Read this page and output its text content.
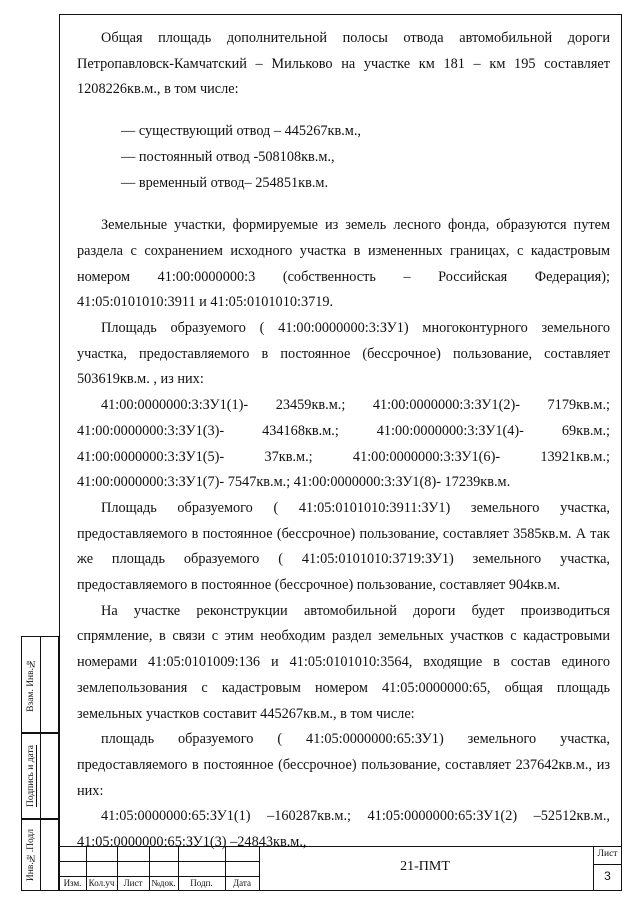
Общая площадь дополнительной полосы отвода автомобильной дороги Петропавловск-Камчатский – Мильково на участке км 181 – км 195 составляет 1208226кв.м., в том числе:

— существующий отвод – 445267кв.м.,
— постоянный отвод -508108кв.м.,
— временный отвод– 254851кв.м.

Земельные участки, формируемые из земель лесного фонда, образуются путем раздела с сохранением исходного участка в измененных границах, с кадастровым номером 41:00:0000000:3 (собственность – Российская Федерация); 41:05:0101010:3911 и 41:05:0101010:3719.

Площадь образуемого ( 41:00:0000000:3:ЗУ1) многоконтурного земельного участка, предоставляемого в постоянное (бессрочное) пользование, составляет 503619кв.м. , из них:

41:00:0000000:3:ЗУ1(1)- 23459кв.м.; 41:00:0000000:3:ЗУ1(2)- 7179кв.м.; 41:00:0000000:3:ЗУ1(3)- 434168кв.м.; 41:00:0000000:3:ЗУ1(4)- 69кв.м.; 41:00:0000000:3:ЗУ1(5)- 37кв.м.; 41:00:0000000:3:ЗУ1(6)- 13921кв.м.; 41:00:0000000:3:ЗУ1(7)- 7547кв.м.; 41:00:0000000:3:ЗУ1(8)- 17239кв.м.

Площадь образуемого ( 41:05:0101010:3911:ЗУ1) земельного участка, предоставляемого в постоянное (бессрочное) пользование, составляет 3585кв.м. А так же площадь образуемого ( 41:05:0101010:3719:ЗУ1) земельного участка, предоставляемого в постоянное (бессрочное) пользование, составляет 904кв.м.

На участке реконструкции автомобильной дороги будет производиться спрямление, в связи с этим необходим раздел земельных участков с кадастровыми номерами 41:05:0101009:136 и 41:05:0101010:3564, входящие в состав единого землепользования с кадастровым номером 41:05:0000000:65, общая площадь земельных участков составит 445267кв.м., в том числе:

площадь образуемого ( 41:05:0000000:65:ЗУ1) земельного участка, предоставляемого в постоянное (бессрочное) пользование, составляет 237642кв.м., из них:

41:05:0000000:65:ЗУ1(1) –160287кв.м.; 41:05:0000000:65:ЗУ1(2) –52512кв.м., 41:05:0000000:65:ЗУ1(3) –24843кв.м.,

Взам. Инв.№
Подпись и дата
Инв.№.Подл
Изм. Кол.уч	Лист №док.	Подп.	Дата
21-ПМТ
Лист
3
